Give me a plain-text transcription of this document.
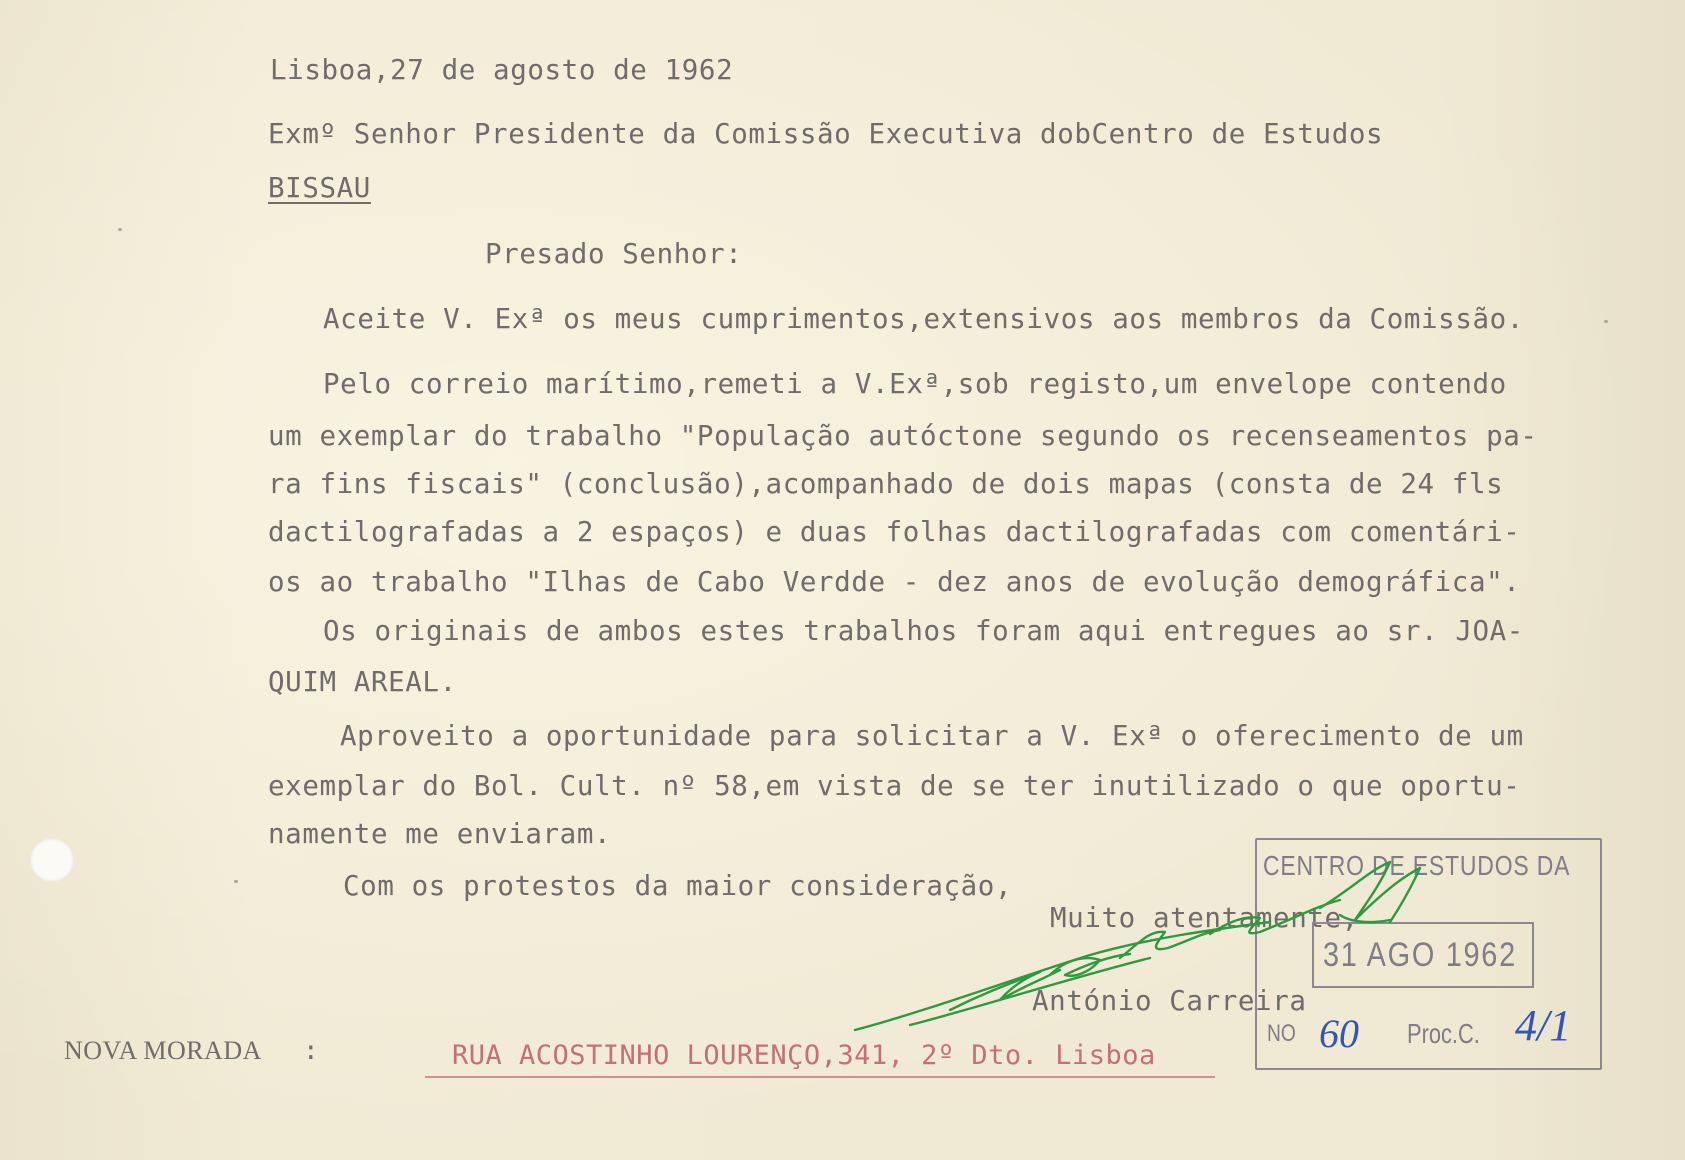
Lisboa,27 de agosto de 1962
Exmº Senhor Presidente da Comissão Executiva dobCentro de Estudos
BISSAU
Presado Senhor:
Aceite V. Exª os meus cumprimentos,extensivos aos membros da Comissão.
Pelo correio marítimo,remeti a V.Exª,sob registo,um envelope contendo
um exemplar do trabalho "População autóctone segundo os recenseamentos pa-
ra fins fiscais" (conclusão),acompanhado de dois mapas (consta de 24 fls
dactilografadas a 2 espaços) e duas folhas dactilografadas com comentári-
os ao trabalho "Ilhas de Cabo Verdde - dez anos de evolução demográfica".
Os originais de ambos estes trabalhos foram aqui entregues ao sr. JOA-
QUIM AREAL.
Aproveito a oportunidade para solicitar a V. Exª o oferecimento de um
exemplar do Bol. Cult. nº 58,em vista de se ter inutilizado o que oportu-
namente me enviaram.
Com os protestos da maior consideração,
Muito atentamente,
António Carreira
CENTRO DE ESTUDOS DA
31 AGO 1962
NO 60 Proc.C. 4/1
NOVA MORADA :	RUA ACOSTINHO LOURENÇO,341, 2º Dto. Lisboa
